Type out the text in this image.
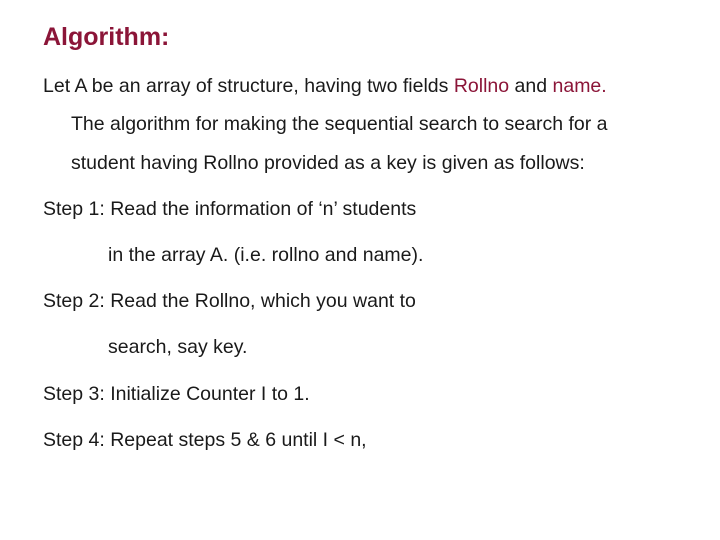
Algorithm:
Let A be an array of structure, having two fields Rollno and name.
The algorithm for making the sequential search to search for a
student having Rollno provided as a key is given as follows:
Step 1: Read the information of ‘n’ students
in the array A. (i.e. rollno and name).
Step 2: Read the Rollno, which you want to
search, say key.
Step 3: Initialize Counter I to 1.
Step 4: Repeat steps 5 & 6 until I < n,
